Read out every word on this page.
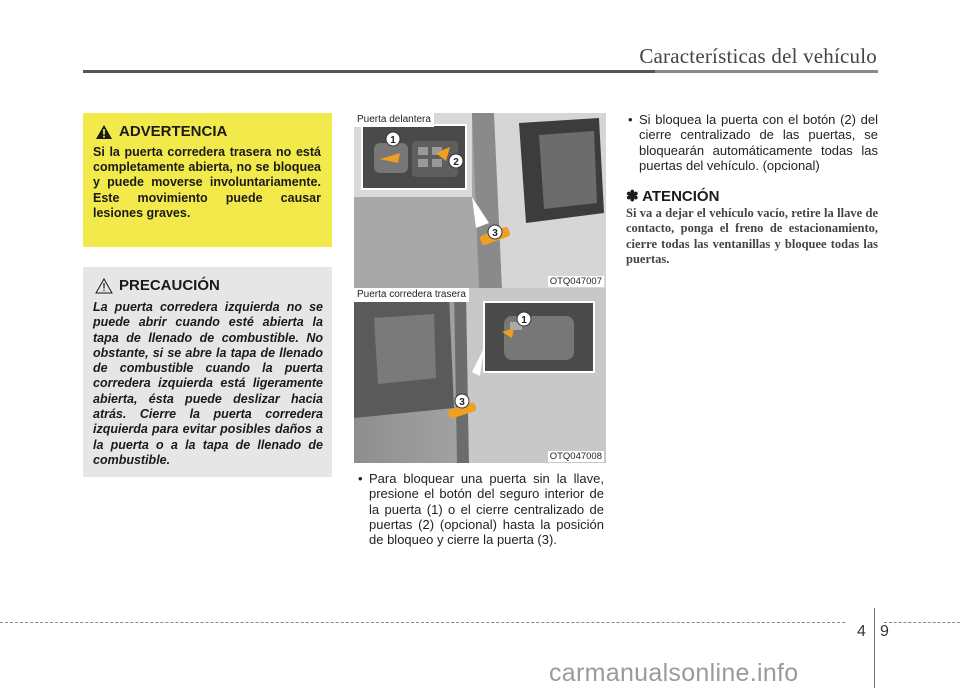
Características del vehículo
ADVERTENCIA
Si la puerta corredera trasera no está completamente abierta, no se bloquea y puede moverse involuntariamente. Este movimiento puede causar lesiones graves.
PRECAUCIÓN
La puerta corredera izquierda no se puede abrir cuando esté abierta la tapa de llenado de combustible. No obstante, si se abre la tapa de llenado de combustible cuando la puerta corredera izquierda está ligeramente abierta, ésta puede deslizar hacia atrás. Cierre la puerta corredera izquierda para evitar posibles daños a la puerta o a la tapa de llenado de combustible.
Puerta delantera
1
2
3
OTQ047007
Puerta corredera trasera
1
3
OTQ047008
• Para bloquear una puerta sin la llave, presione el botón del seguro interior de la puerta (1) o el cierre centralizado de puertas (2) (opcional) hasta la posición de bloqueo y cierre la puerta (3).
• Si bloquea la puerta con el botón (2) del cierre centralizado de las puertas, se bloquearán automáticamente todas las puertas del vehículo. (opcional)
✽ ATENCIÓN
Si va a dejar el vehículo vacío, retire la llave de contacto, ponga el freno de estacionamiento, cierre todas las ventanillas y bloquee todas las puertas.
4 9
carmanualsonline.info
